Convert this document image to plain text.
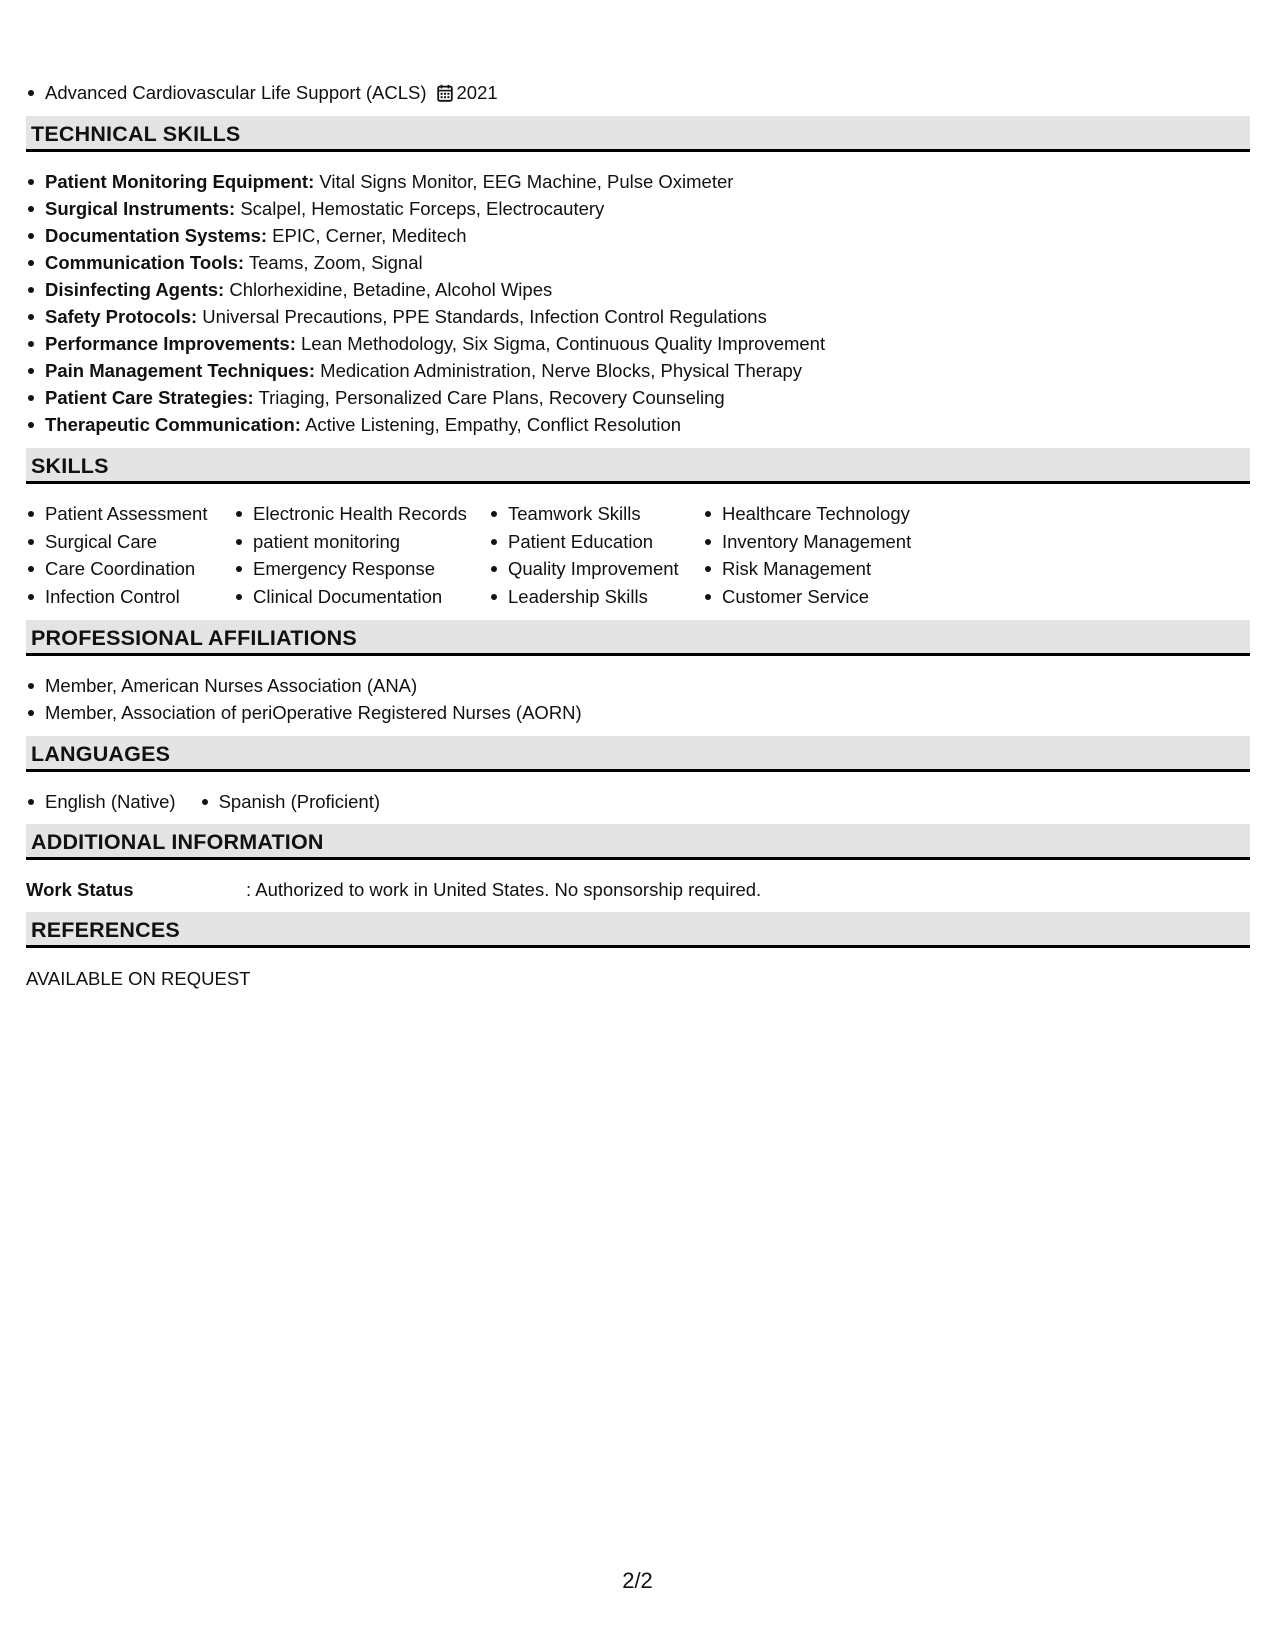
Advanced Cardiovascular Life Support (ACLS) 2021
TECHNICAL SKILLS
Patient Monitoring Equipment: Vital Signs Monitor, EEG Machine, Pulse Oximeter
Surgical Instruments: Scalpel, Hemostatic Forceps, Electrocautery
Documentation Systems: EPIC, Cerner, Meditech
Communication Tools: Teams, Zoom, Signal
Disinfecting Agents: Chlorhexidine, Betadine, Alcohol Wipes
Safety Protocols: Universal Precautions, PPE Standards, Infection Control Regulations
Performance Improvements: Lean Methodology, Six Sigma, Continuous Quality Improvement
Pain Management Techniques: Medication Administration, Nerve Blocks, Physical Therapy
Patient Care Strategies: Triaging, Personalized Care Plans, Recovery Counseling
Therapeutic Communication: Active Listening, Empathy, Conflict Resolution
SKILLS
Patient Assessment
Surgical Care
Care Coordination
Infection Control
Electronic Health Records
patient monitoring
Emergency Response
Clinical Documentation
Teamwork Skills
Patient Education
Quality Improvement
Leadership Skills
Healthcare Technology
Inventory Management
Risk Management
Customer Service
PROFESSIONAL AFFILIATIONS
Member, American Nurses Association (ANA)
Member, Association of periOperative Registered Nurses (AORN)
LANGUAGES
English (Native)	Spanish (Proficient)
ADDITIONAL INFORMATION
Work Status	: Authorized to work in United States. No sponsorship required.
REFERENCES
AVAILABLE ON REQUEST
2/2
